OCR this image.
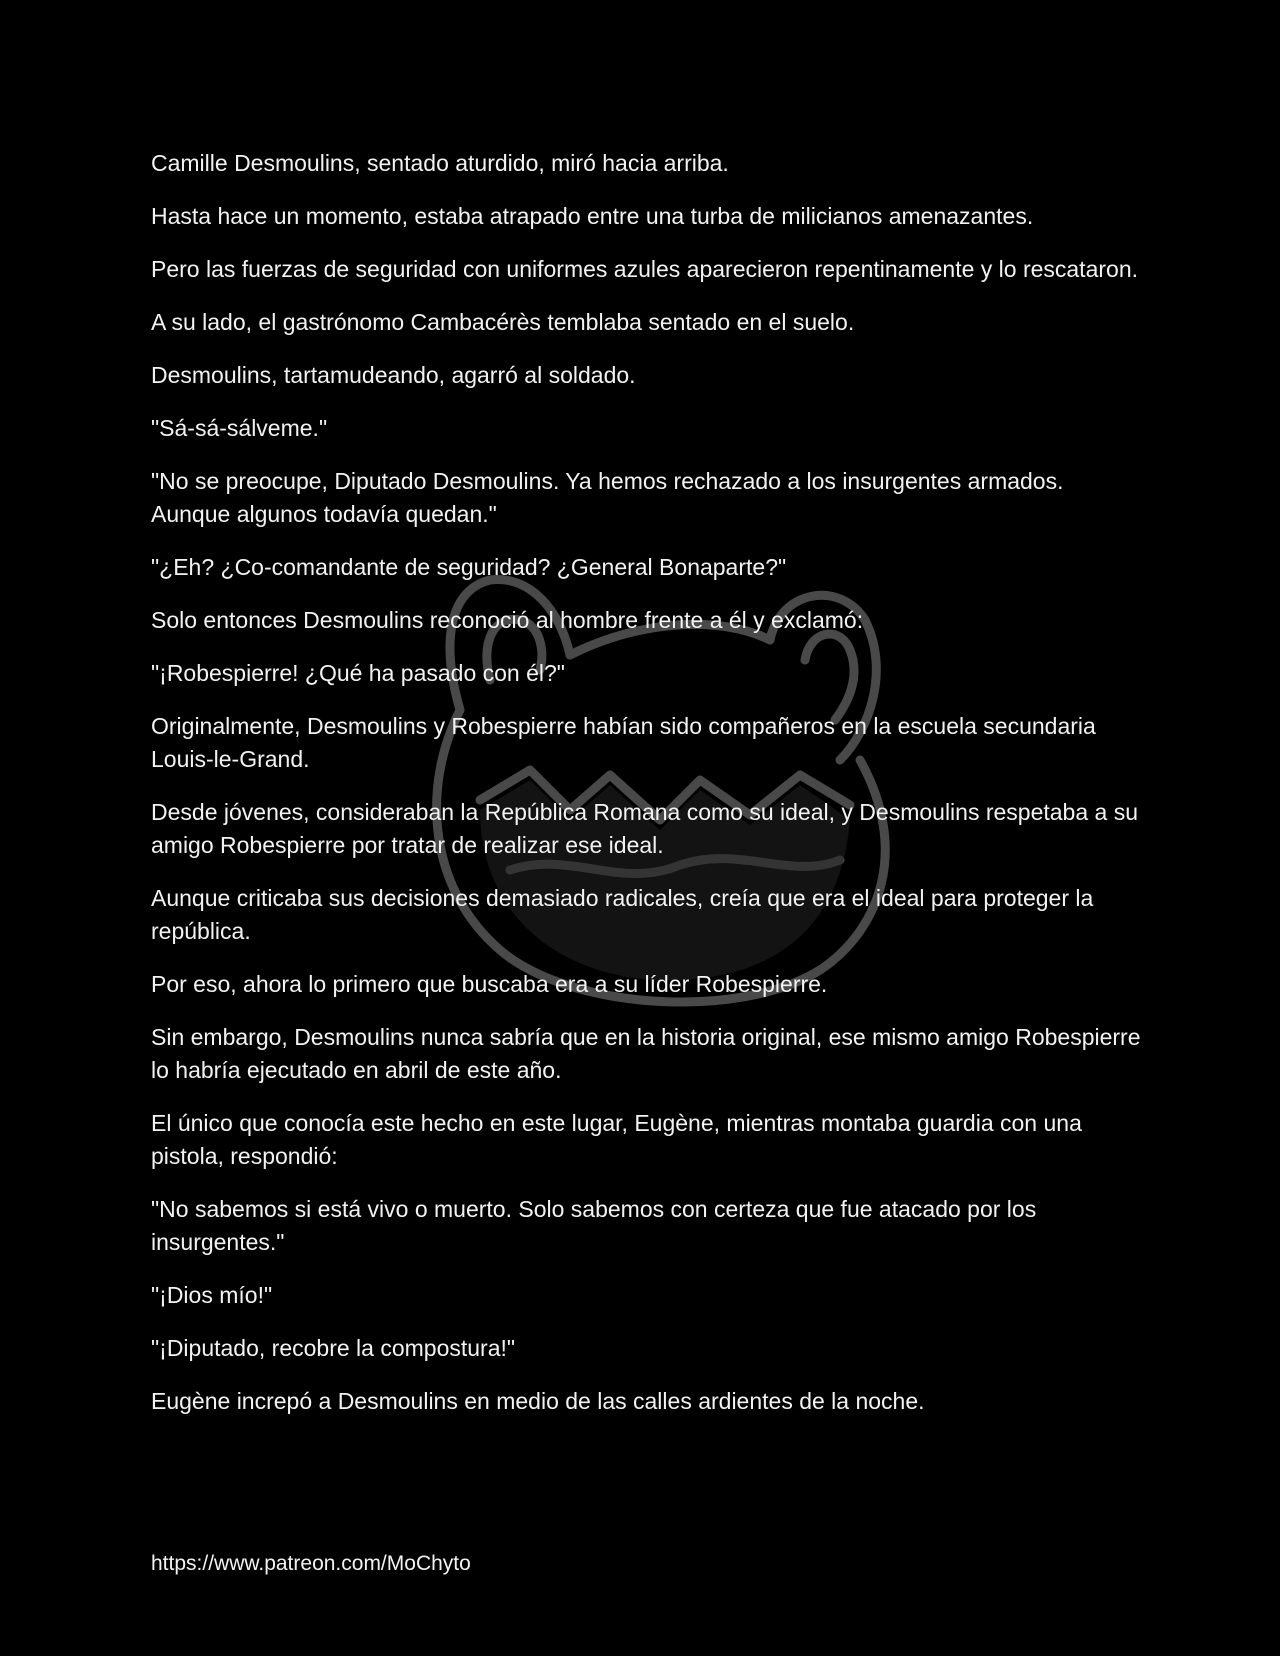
Camille Desmoulins, sentado aturdido, miró hacia arriba.

Hasta hace un momento, estaba atrapado entre una turba de milicianos amenazantes.

Pero las fuerzas de seguridad con uniformes azules aparecieron repentinamente y lo rescataron.

A su lado, el gastrónomo Cambacérès temblaba sentado en el suelo.

Desmoulins, tartamudeando, agarró al soldado.

"Sá-sá-sálveme."

"No se preocupe, Diputado Desmoulins. Ya hemos rechazado a los insurgentes armados. Aunque algunos todavía quedan."

"¿Eh? ¿Co-comandante de seguridad? ¿General Bonaparte?"

Solo entonces Desmoulins reconoció al hombre frente a él y exclamó:

"¡Robespierre! ¿Qué ha pasado con él?"

Originalmente, Desmoulins y Robespierre habían sido compañeros en la escuela secundaria Louis-le-Grand.

Desde jóvenes, consideraban la República Romana como su ideal, y Desmoulins respetaba a su amigo Robespierre por tratar de realizar ese ideal.

Aunque criticaba sus decisiones demasiado radicales, creía que era el ideal para proteger la república.

Por eso, ahora lo primero que buscaba era a su líder Robespierre.

Sin embargo, Desmoulins nunca sabría que en la historia original, ese mismo amigo Robespierre lo habría ejecutado en abril de este año.

El único que conocía este hecho en este lugar, Eugène, mientras montaba guardia con una pistola, respondió:

"No sabemos si está vivo o muerto. Solo sabemos con certeza que fue atacado por los insurgentes."

"¡Dios mío!"

"¡Diputado, recobre la compostura!"

Eugène increpó a Desmoulins en medio de las calles ardientes de la noche.

https://www.patreon.com/MoChyto
